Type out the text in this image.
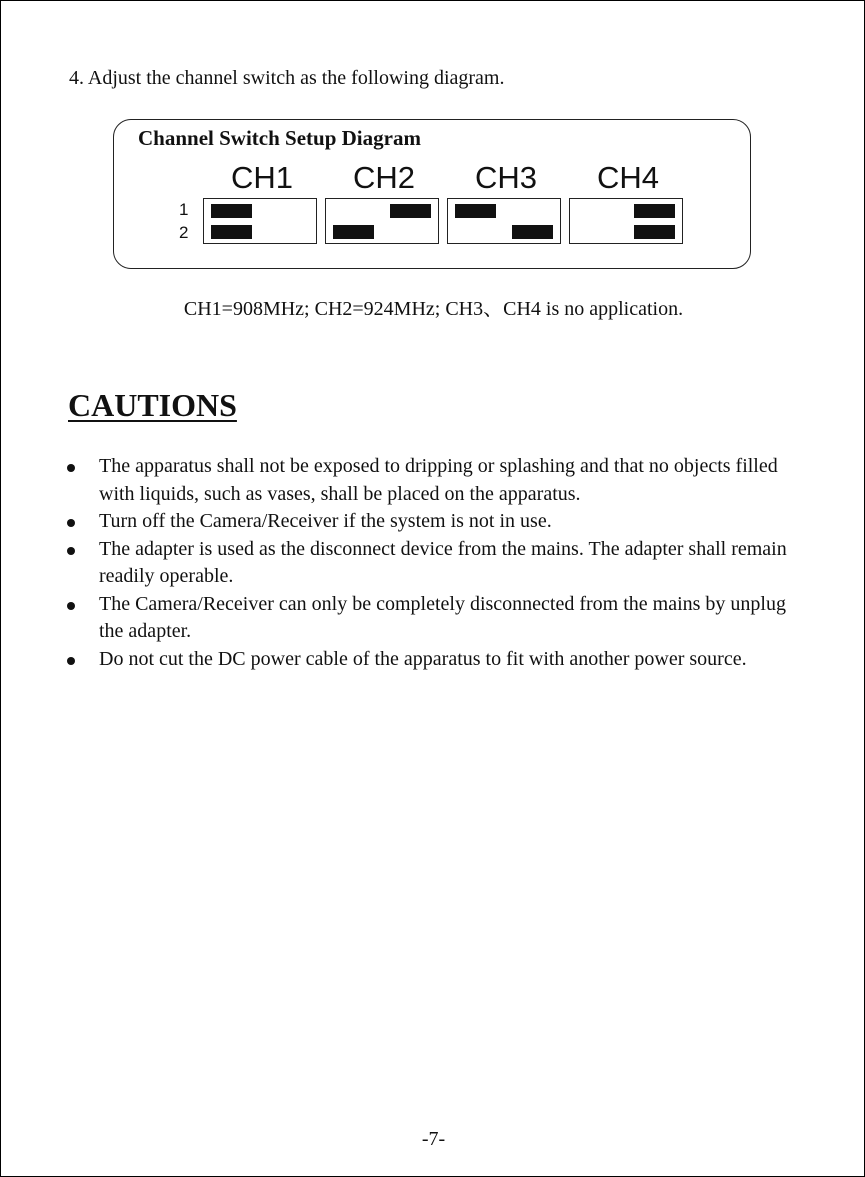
4. Adjust the channel switch as the following diagram.
Channel Switch Setup Diagram
CH1	CH2	CH3	CH4
1
2
CH1=908MHz; CH2=924MHz; CH3、CH4 is no application.
CAUTIONS
The apparatus shall not be exposed to dripping or splashing and that no objects filled with liquids, such as vases, shall be placed on the apparatus.
Turn off the Camera/Receiver if the system is not in use.
The adapter is used as the disconnect device from the mains. The adapter shall remain readily operable.
The Camera/Receiver can only be completely disconnected from the mains by unplug the adapter.
Do not cut the DC power cable of the apparatus to fit with another power source.
-7-
